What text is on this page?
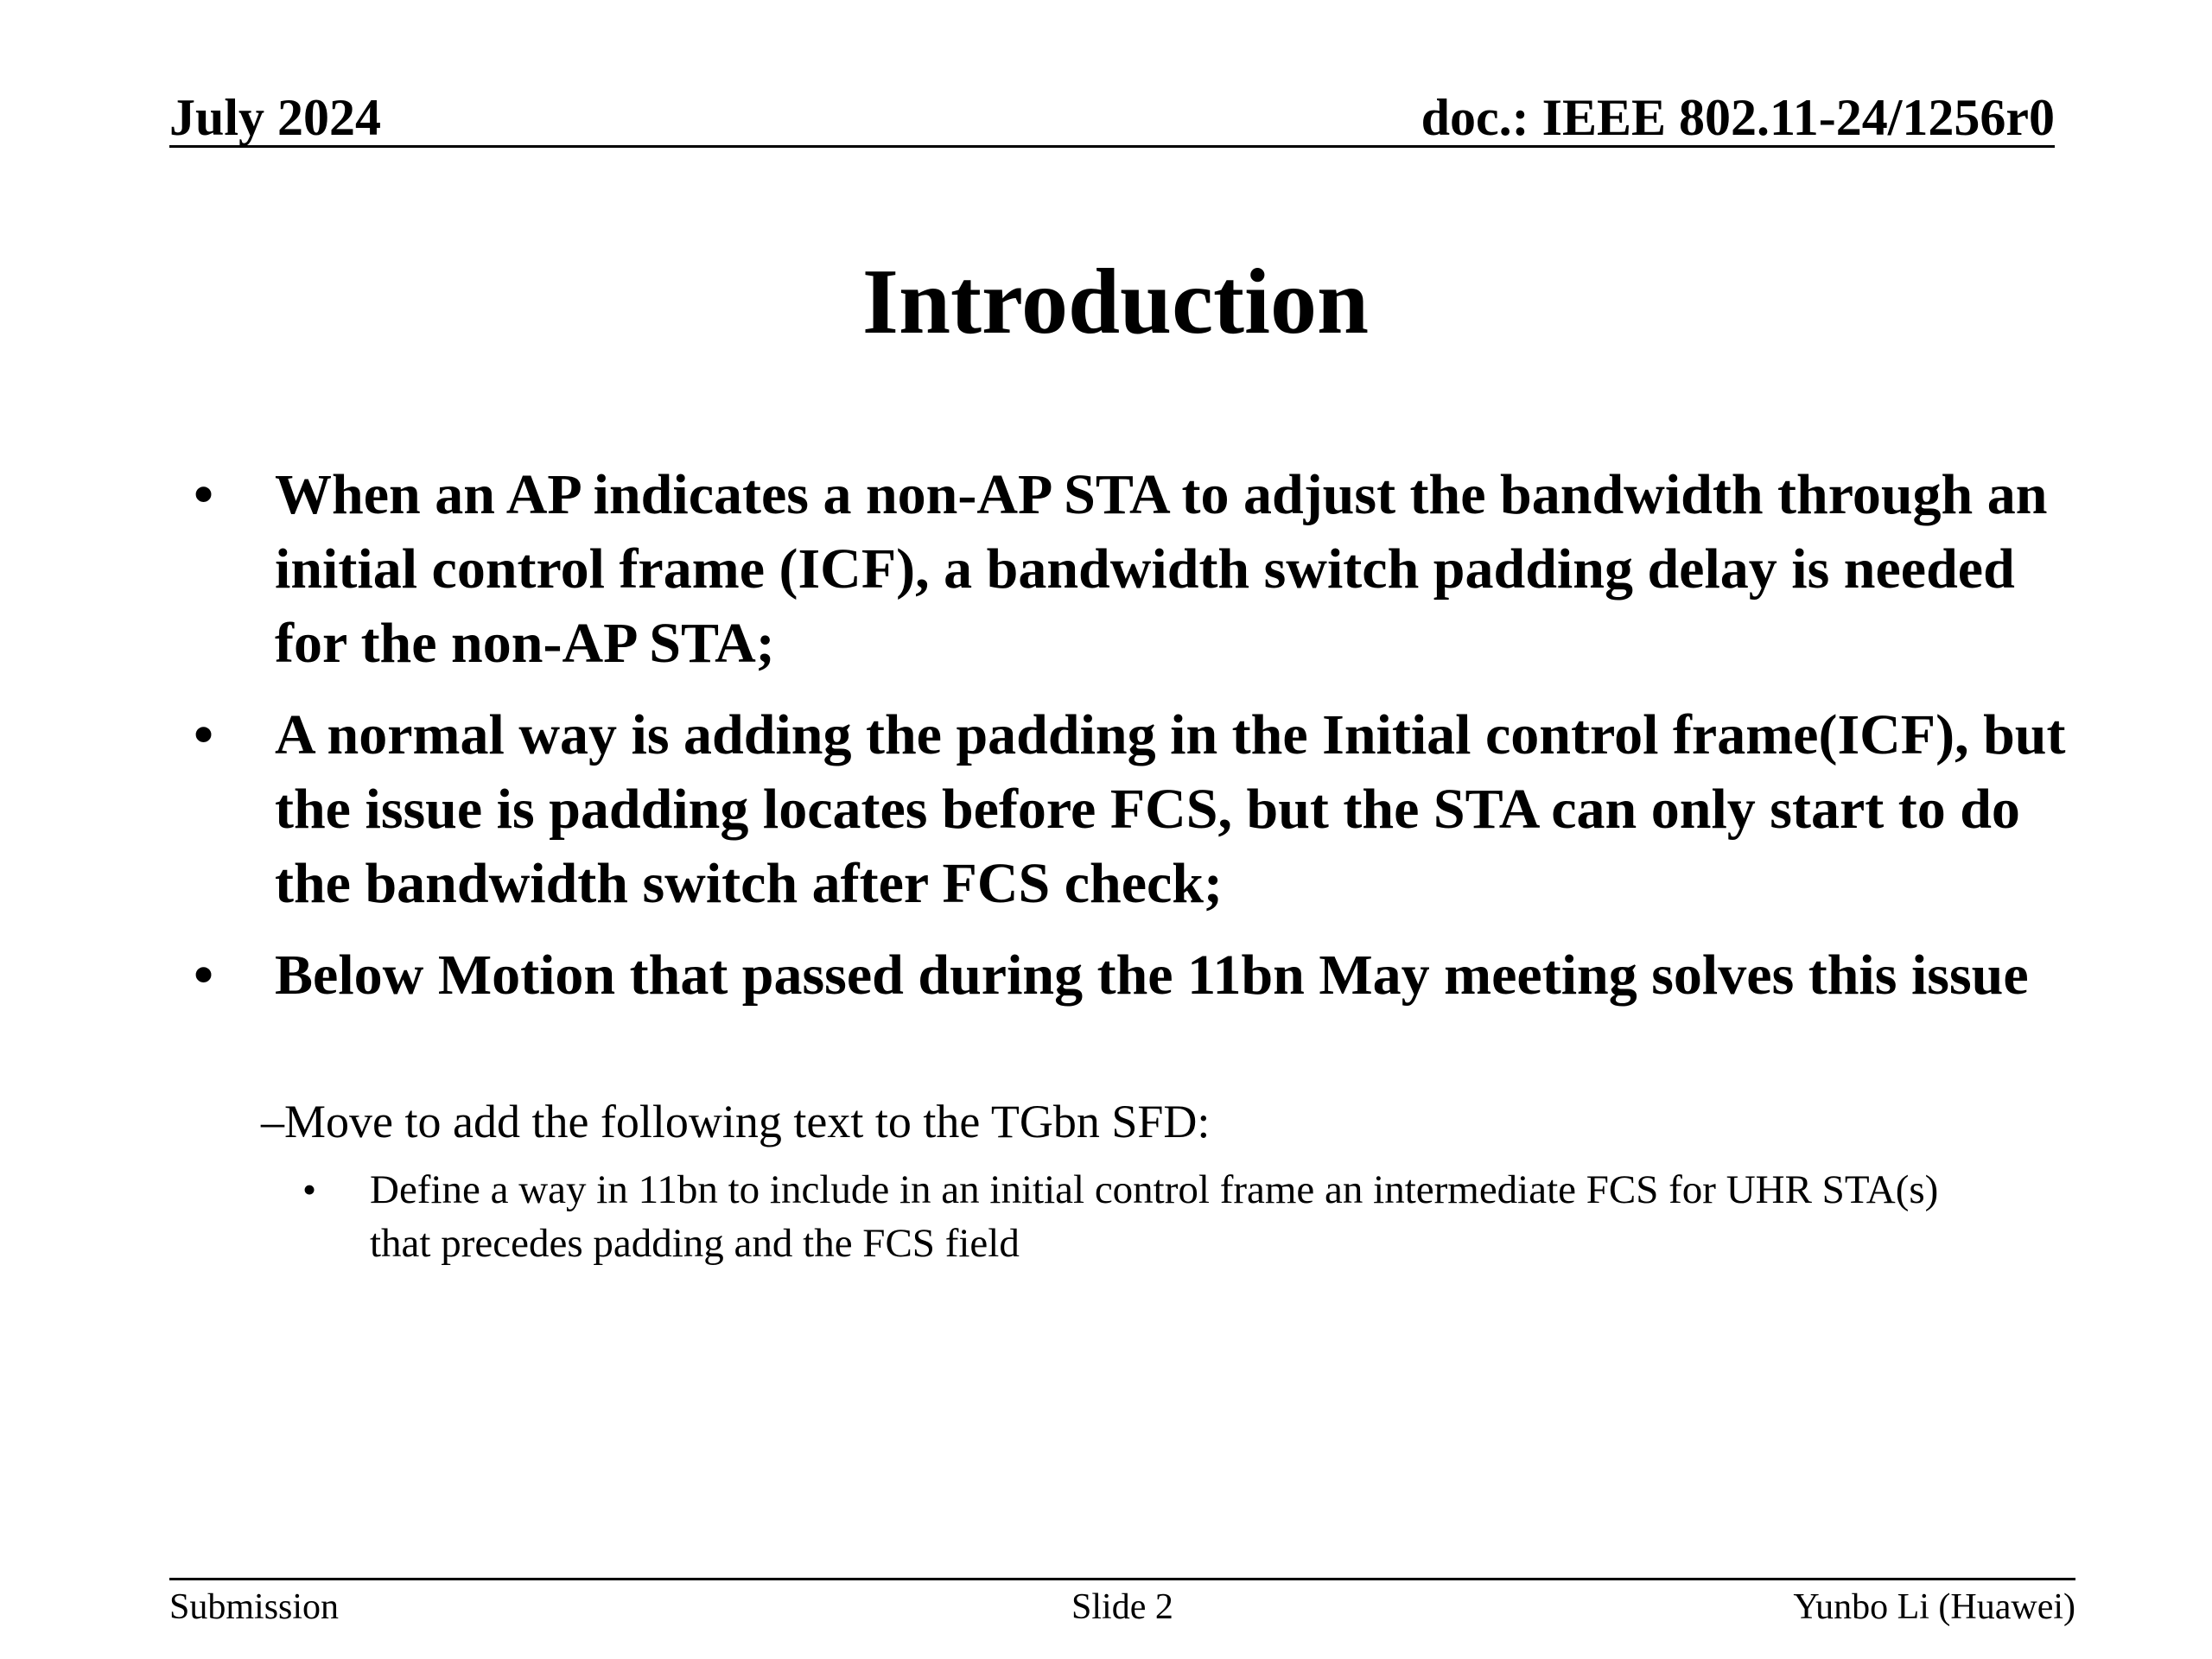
July 2024	doc.: IEEE 802.11-24/1256r0
Introduction
• When an AP indicates a non-AP STA to adjust the bandwidth through an initial control frame (ICF), a bandwidth switch padding delay is needed for the non-AP STA;
• A normal way is adding the padding in the Initial control frame(ICF), but the issue is padding locates before FCS, but the STA can only start to do the bandwidth switch after FCS check;
• Below Motion that passed during the 11bn May meeting solves this issue
–Move to add the following text to the TGbn SFD:
• Define a way in 11bn to include in an initial control frame an intermediate FCS for UHR STA(s) that precedes padding and the FCS field
Submission	Slide 2	Yunbo Li (Huawei)
